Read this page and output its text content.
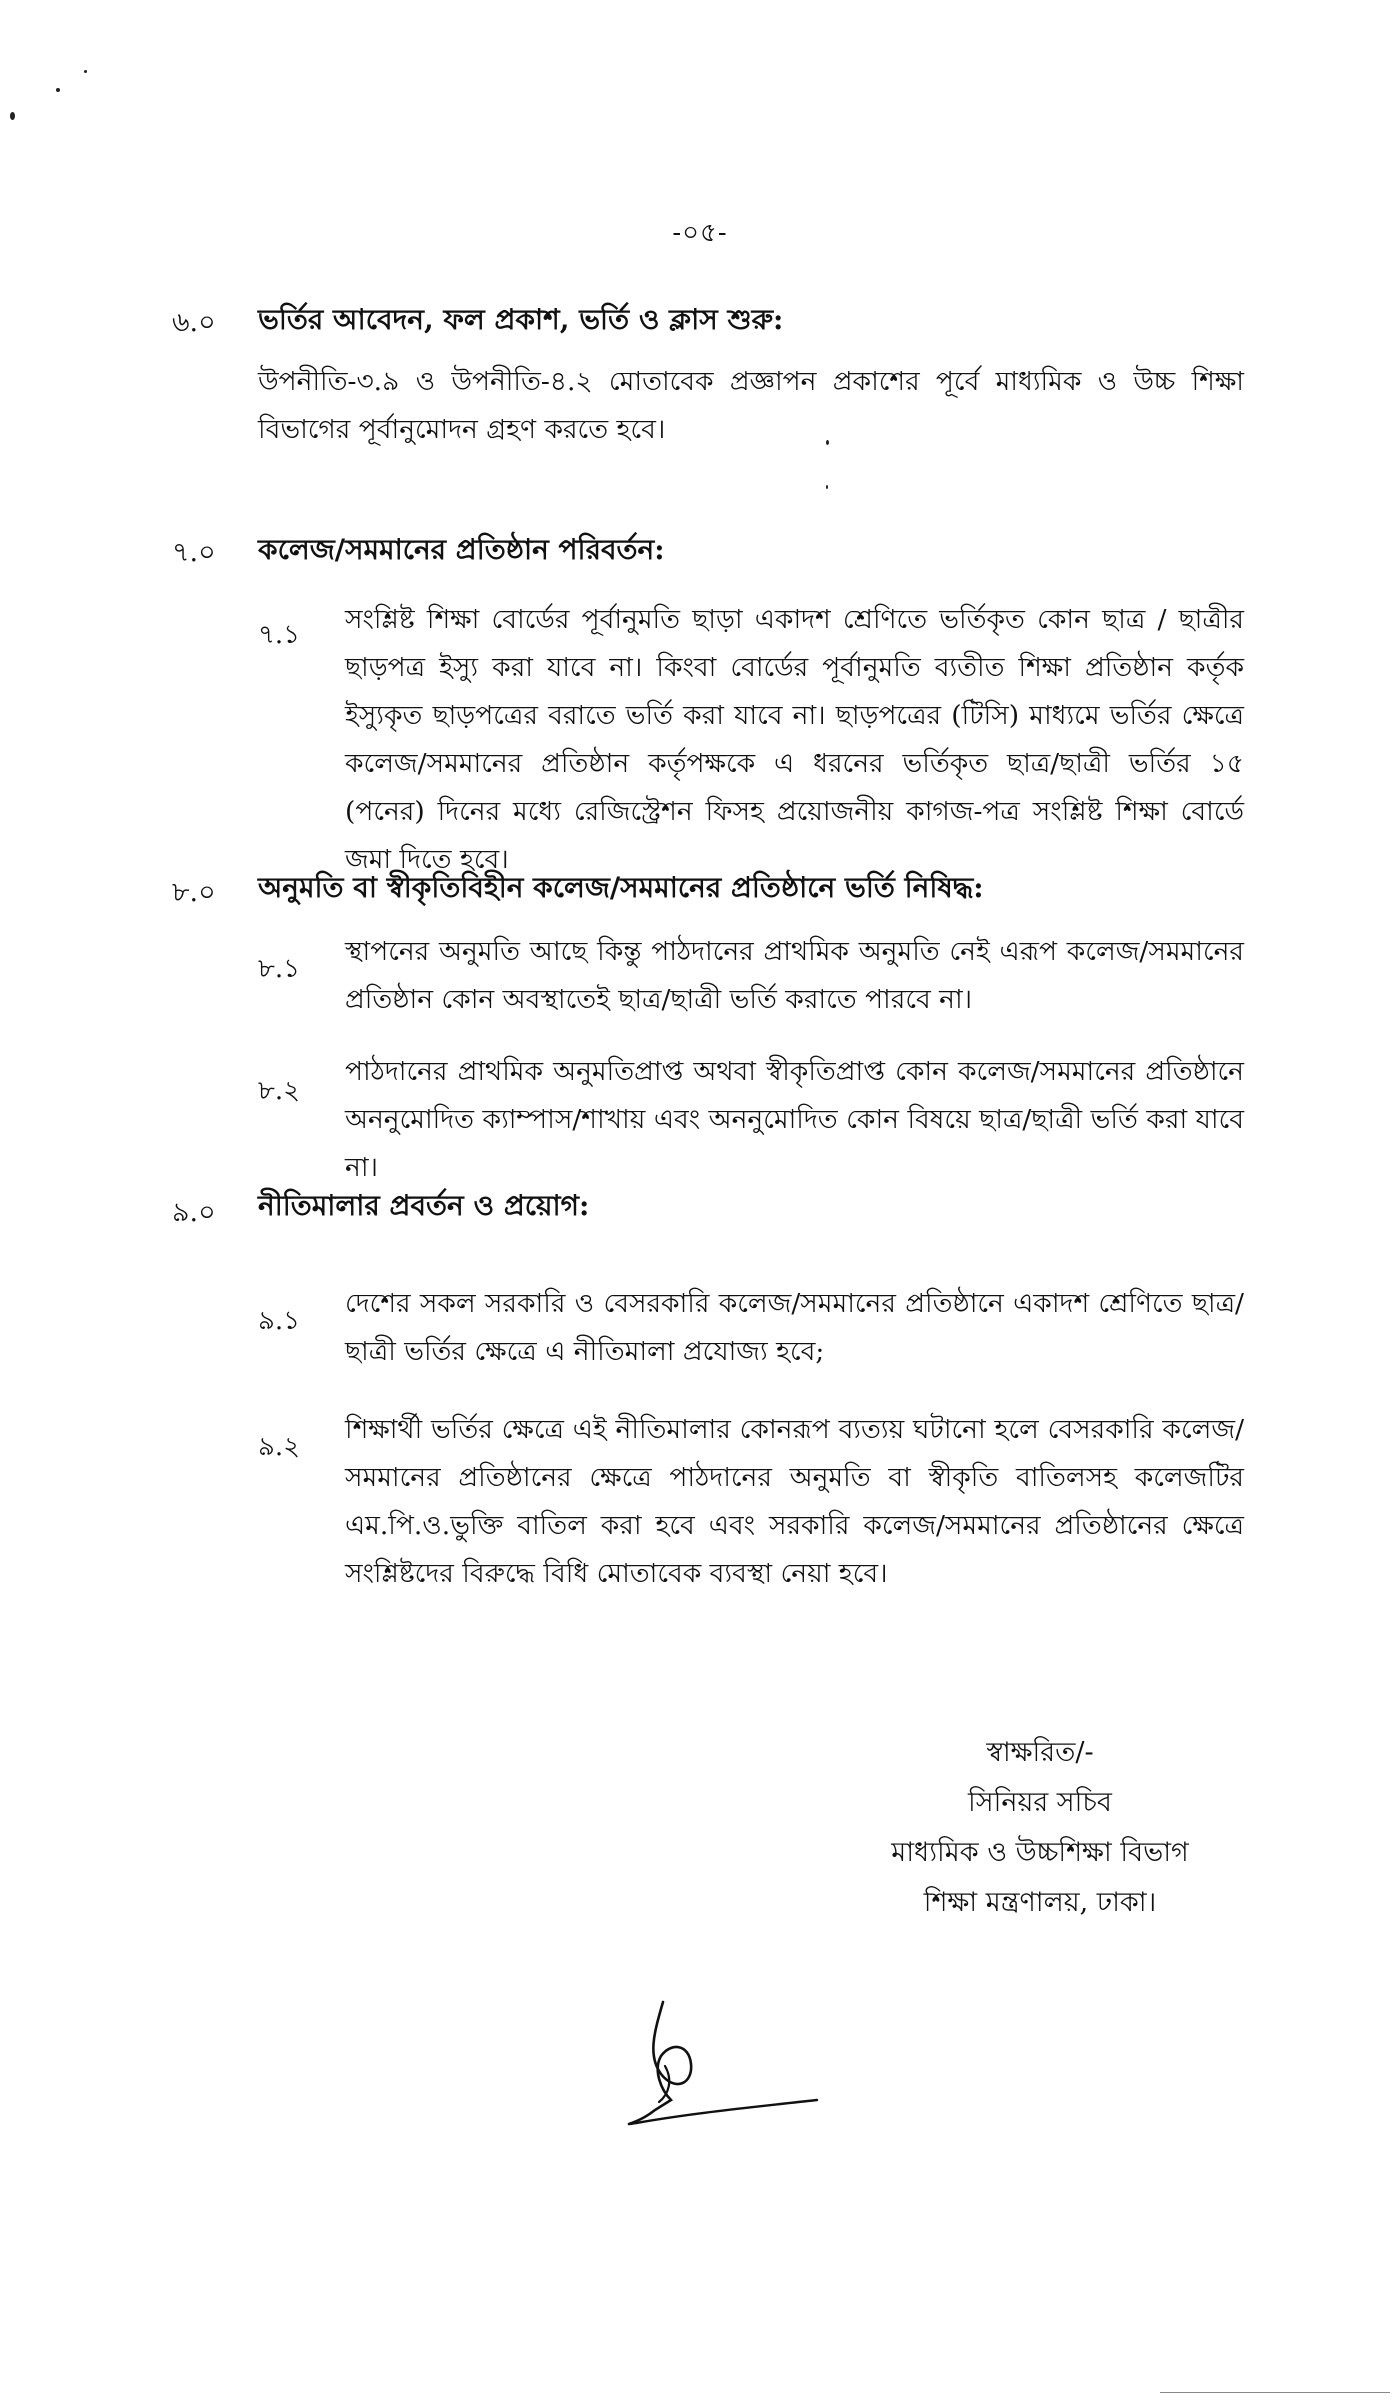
-০৫-
৬.০ ভর্তির আবেদন, ফল প্রকাশ, ভর্তি ও ক্লাস শুরু:

উপনীতি-৩.৯ ও উপনীতি-৪.২ মোতাবেক প্রজ্ঞাপন প্রকাশের পূর্বে মাধ্যমিক ও উচ্চ শিক্ষা বিভাগের পূর্বানুমোদন গ্রহণ করতে হবে।

৭.০ কলেজ/সমমানের প্রতিষ্ঠান পরিবর্তন:
৭.১ সংশ্লিষ্ট শিক্ষা বোর্ডের পূর্বানুমতি ছাড়া একাদশ শ্রেণিতে ভর্তিকৃত কোন ছাত্র / ছাত্রীর ছাড়পত্র ইস্যু করা যাবে না। কিংবা বোর্ডের পূর্বানুমতি ব্যতীত শিক্ষা প্রতিষ্ঠান কর্তৃক ইস্যুকৃত ছাড়পত্রের বরাতে ভর্তি করা যাবে না। ছাড়পত্রের (টিসি) মাধ্যমে ভর্তির ক্ষেত্রে কলেজ/সমমানের প্রতিষ্ঠান কর্তৃপক্ষকে এ ধরনের ভর্তিকৃত ছাত্র/ছাত্রী ভর্তির ১৫ (পনের) দিনের মধ্যে রেজিস্ট্রেশন ফিসহ প্রয়োজনীয় কাগজ-পত্র সংশ্লিষ্ট শিক্ষা বোর্ডে জমা দিতে হবে।

৮.০ অনুমতি বা স্বীকৃতিবিহীন কলেজ/সমমানের প্রতিষ্ঠানে ভর্তি নিষিদ্ধ:
৮.১

স্থাপনের অনুমতি আছে কিন্তু পাঠদানের প্রাথমিক অনুমতি নেই এরূপ কলেজ/সমমানের প্রতিষ্ঠান কোন অবস্থাতেই ছাত্র/ছাত্রী ভর্তি করাতে পারবে না।

৮.২

পাঠদানের প্রাথমিক অনুমতিপ্রাপ্ত অথবা স্বীকৃতিপ্রাপ্ত কোন কলেজ/সমমানের প্রতিষ্ঠানে অননুমোদিত ক্যাম্পাস/শাখায় এবং অননুমোদিত কোন বিষয়ে ছাত্র/ছাত্রী ভর্তি করা যাবে না।

৯.০ নীতিমালার প্রবর্তন ও প্রয়োগ:
৯.১

দেশের সকল সরকারি ও বেসরকারি কলেজ/সমমানের প্রতিষ্ঠানে একাদশ শ্রেণিতে ছাত্র/ছাত্রী ভর্তির ক্ষেত্রে এ নীতিমালা প্রযোজ্য হবে;

৯.২

শিক্ষার্থী ভর্তির ক্ষেত্রে এই নীতিমালার কোনরূপ ব্যত্যয় ঘটানো হলে বেসরকারি কলেজ/সমমানের প্রতিষ্ঠানের ক্ষেত্রে পাঠদানের অনুমতি বা স্বীকৃতি বাতিলসহ কলেজটির এম.পি.ও.ভুক্তি বাতিল করা হবে এবং সরকারি কলেজ/সমমানের প্রতিষ্ঠানের ক্ষেত্রে সংশ্লিষ্টদের বিরুদ্ধে বিধি মোতাবেক ব্যবস্থা নেয়া হবে।

স্বাক্ষরিত/-
সিনিয়র সচিব
মাধ্যমিক ও উচ্চশিক্ষা বিভাগ
শিক্ষা মন্ত্রণালয়, ঢাকা।
